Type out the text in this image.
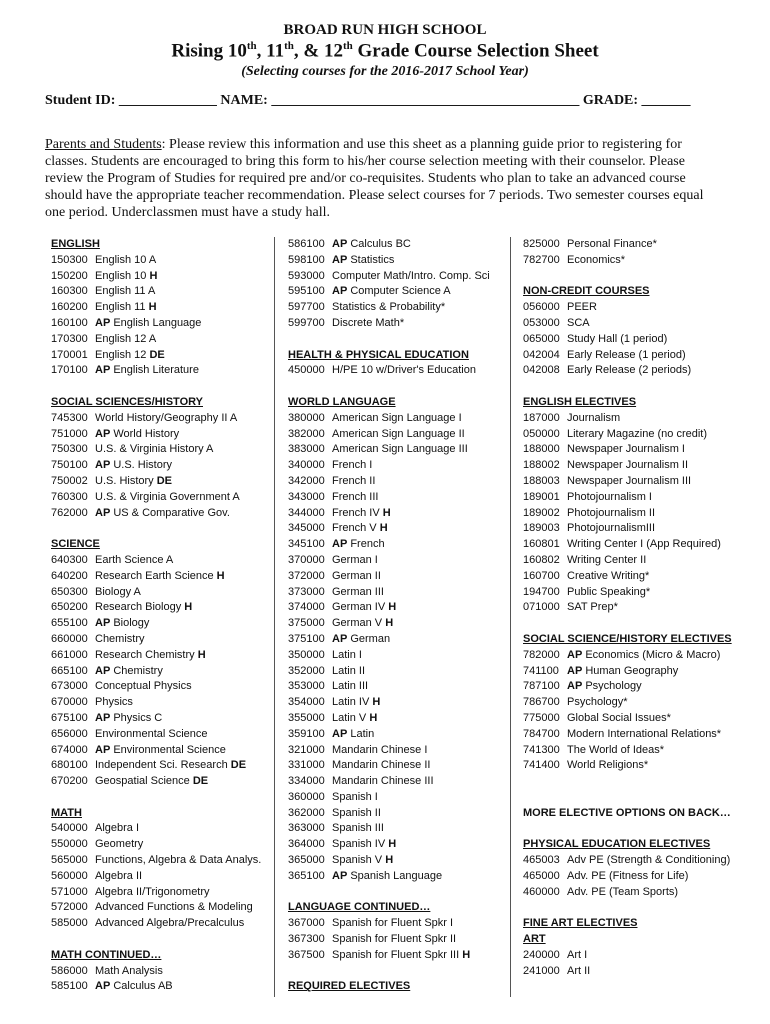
BROAD RUN HIGH SCHOOL
Rising 10th, 11th, & 12th Grade Course Selection Sheet
(Selecting courses for the 2016-2017 School Year)
Student ID: ______________ NAME: ____________________________________________ GRADE: _______
Parents and Students: Please review this information and use this sheet as a planning guide prior to registering for classes. Students are encouraged to bring this form to his/her course selection meeting with their counselor. Please review the Program of Studies for required pre and/or co-requisites. Students who plan to take an advanced course should have the appropriate teacher recommendation. Please select courses for 7 periods. Two semester courses equal one period. Underclassmen must have a study hall.
ENGLISH
150300 English 10 A
150200 English 10 H
160300 English 11 A
160200 English 11 H
160100 AP English Language
170300 English 12 A
170001 English 12 DE
170100 AP English Literature
SOCIAL SCIENCES/HISTORY
745300 World History/Geography II A
751000 AP World History
750300 U.S. & Virginia History A
750100 AP U.S. History
750002 U.S. History DE
760300 U.S. & Virginia Government A
762000 AP US & Comparative Gov.
SCIENCE
640300 Earth Science A
640200 Research Earth Science H
650300 Biology A
650200 Research Biology H
655100 AP Biology
660000 Chemistry
661000 Research Chemistry H
665100 AP Chemistry
673000 Conceptual Physics
670000 Physics
675100 AP Physics C
656000 Environmental Science
674000 AP Environmental Science
680100 Independent Sci. Research DE
670200 Geospatial Science DE
MATH
540000 Algebra I
550000 Geometry
565000 Functions, Algebra & Data Analys.
560000 Algebra II
571000 Algebra II/Trigonometry
572000 Advanced Functions & Modeling
585000 Advanced Algebra/Precalculus
MATH CONTINUED…
586000 Math Analysis
585100 AP Calculus AB
586100 AP Calculus BC
598100 AP Statistics
593000 Computer Math/Intro. Comp. Sci
595100 AP Computer Science A
597700 Statistics & Probability*
599700 Discrete Math*
HEALTH & PHYSICAL EDUCATION
450000 H/PE 10 w/Driver's Education
WORLD LANGUAGE
380000 American Sign Language I
382000 American Sign Language II
383000 American Sign Language III
340000 French I
342000 French II
343000 French III
344000 French IV H
345000 French V H
345100 AP French
370000 German I
372000 German II
373000 German III
374000 German IV H
375000 German V H
375100 AP German
350000 Latin I
352000 Latin II
353000 Latin III
354000 Latin IV H
355000 Latin V H
359100 AP Latin
321000 Mandarin Chinese I
331000 Mandarin Chinese II
334000 Mandarin Chinese III
360000 Spanish I
362000 Spanish II
363000 Spanish III
364000 Spanish IV H
365000 Spanish V H
365100 AP Spanish Language
LANGUAGE CONTINUED…
367000 Spanish for Fluent Spkr I
367300 Spanish for Fluent Spkr II
367500 Spanish for Fluent Spkr III H
REQUIRED ELECTIVES
825000 Personal Finance*
782700 Economics*
NON-CREDIT COURSES
056000 PEER
053000 SCA
065000 Study Hall (1 period)
042004 Early Release (1 period)
042008 Early Release (2 periods)
ENGLISH ELECTIVES
187000 Journalism
050000 Literary Magazine (no credit)
188000 Newspaper Journalism I
188002 Newspaper Journalism II
188003 Newspaper Journalism III
189001 Photojournalism I
189002 Photojournalism II
189003 PhotojournalismIII
160801 Writing Center I (App Required)
160802 Writing Center II
160700 Creative Writing*
194700 Public Speaking*
071000 SAT Prep*
SOCIAL SCIENCE/HISTORY ELECTIVES
782000 AP Economics (Micro & Macro)
741100 AP Human Geography
787100 AP Psychology
786700 Psychology*
775000 Global Social Issues*
784700 Modern International Relations*
741300 The World of Ideas*
741400 World Religions*
MORE ELECTIVE OPTIONS ON BACK…
PHYSICAL EDUCATION ELECTIVES
465003 Adv PE (Strength & Conditioning)
465000 Adv. PE (Fitness for Life)
460000 Adv. PE (Team Sports)
FINE ART ELECTIVES
ART
240000 Art I
241000 Art II
